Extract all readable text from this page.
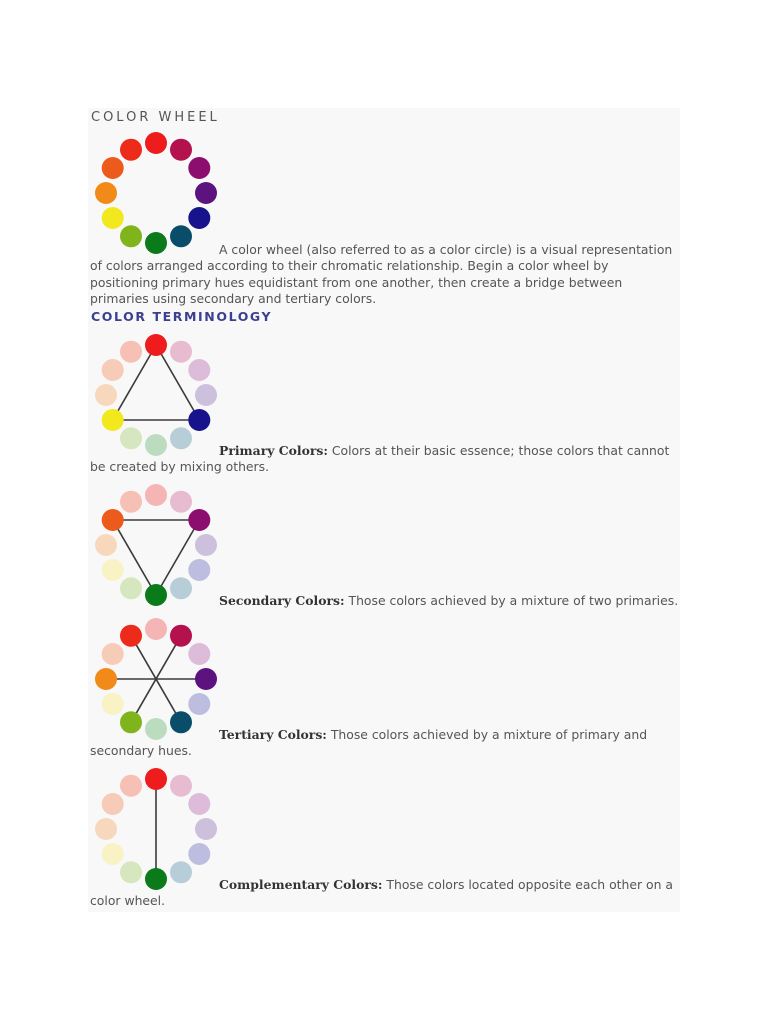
COLOR WHEEL
A color wheel (also referred to as a color circle) is a visual representation of colors arranged according to their chromatic relationship. Begin a color wheel by positioning primary hues equidistant from one another, then create a bridge between primaries using secondary and tertiary colors.
COLOR TERMINOLOGY
Primary Colors: Colors at their basic essence; those colors that cannot be created by mixing others.
Secondary Colors: Those colors achieved by a mixture of two primaries.
Tertiary Colors: Those colors achieved by a mixture of primary and secondary hues.
Complementary Colors: Those colors located opposite each other on a color wheel.
